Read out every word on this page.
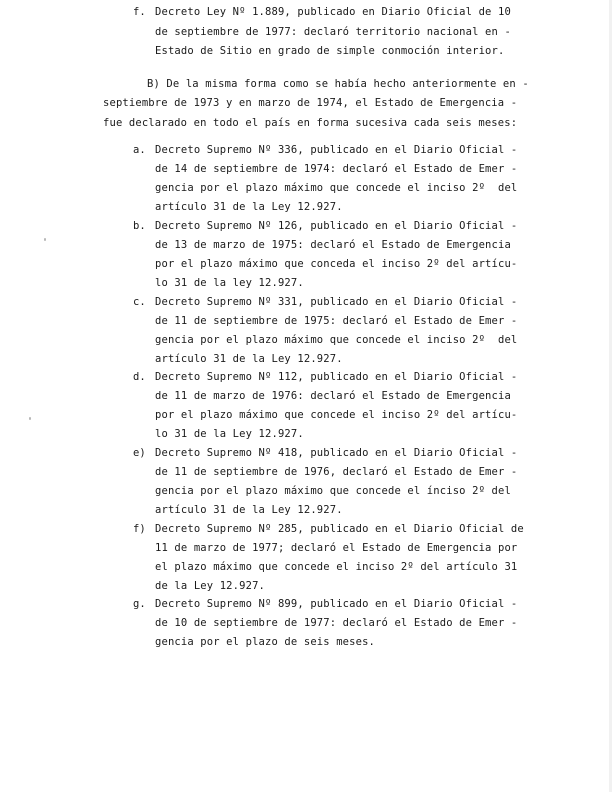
f. Decreto Ley Nº 1.889, publicado en Diario Oficial de 10
de septiembre de 1977: declaró territorio nacional en -
Estado de Sitio en grado de simple conmoción interior.
B) De la misma forma como se había hecho anteriormente en -
septiembre de 1973 y en marzo de 1974, el Estado de Emergencia -
fue declarado en todo el país en forma sucesiva cada seis meses:
a. Decreto Supremo Nº 336, publicado en el Diario Oficial -
de 14 de septiembre de 1974: declaró el Estado de Emer -
gencia por el plazo máximo que concede el inciso 2º  del
artículo 31 de la Ley 12.927.
b. Decreto Supremo Nº 126, publicado en el Diario Oficial -
de 13 de marzo de 1975: declaró el Estado de Emergencia
por el plazo máximo que conceda el inciso 2º del artícu-
lo 31 de la ley 12.927.
c. Decreto Supremo Nº 331, publicado en el Diario Oficial -
de 11 de septiembre de 1975: declaró el Estado de Emer -
gencia por el plazo máximo que concede el inciso 2º  del
artículo 31 de la Ley 12.927.
d. Decreto Supremo Nº 112, publicado en el Diario Oficial -
de 11 de marzo de 1976: declaró el Estado de Emergencia
por el plazo máximo que concede el inciso 2º del artícu-
lo 31 de la Ley 12.927.
e) Decreto Supremo Nº 418, publicado en el Diario Oficial -
de 11 de septiembre de 1976, declaró el Estado de Emer -
gencia por el plazo máximo que concede el ínciso 2º del
artículo 31 de la Ley 12.927.
f) Decreto Supremo Nº 285, publicado en el Diario Oficial de
11 de marzo de 1977; declaró el Estado de Emergencia por
el plazo máximo que concede el inciso 2º del artículo 31
de la Ley 12.927.
g. Decreto Supremo Nº 899, publicado en el Diario Oficial -
de 10 de septiembre de 1977: declaró el Estado de Emer -
gencia por el plazo de seis meses.
